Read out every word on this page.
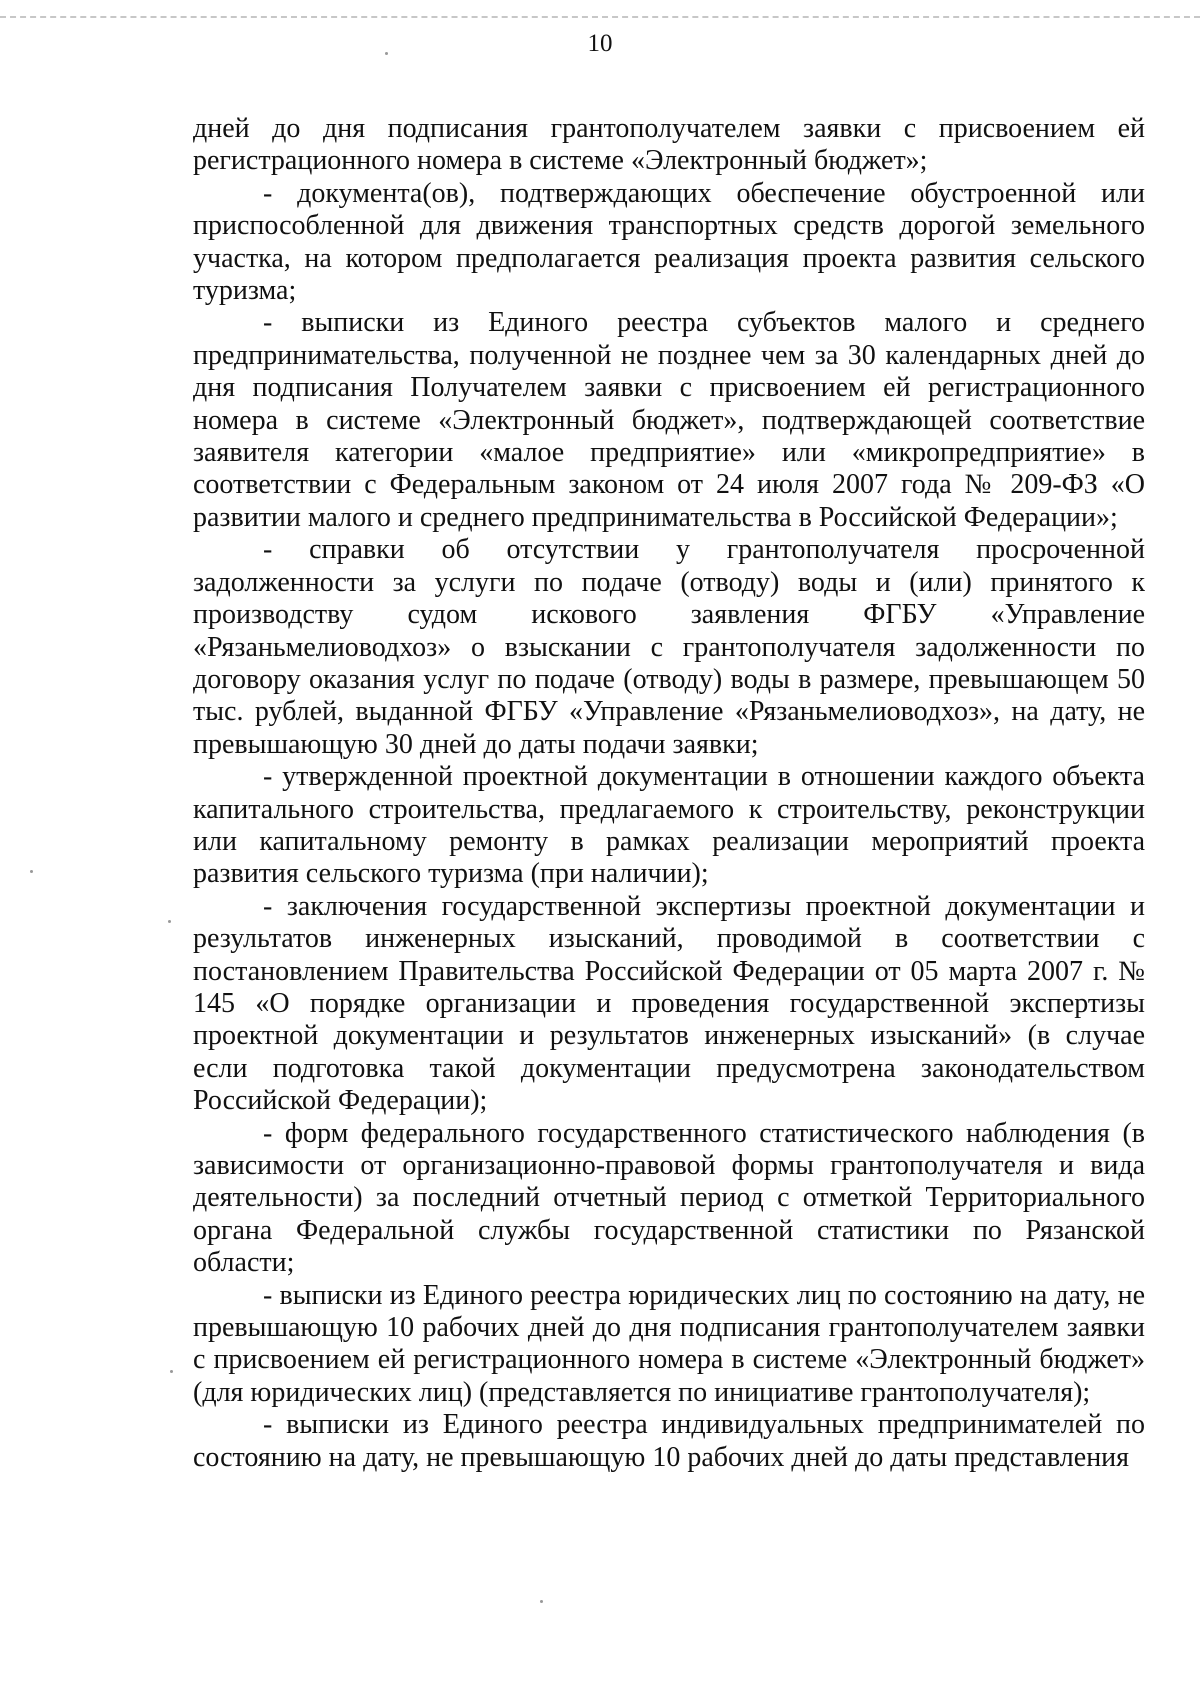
10

дней до дня подписания грантополучателем заявки с присвоением ей регистрационного номера в системе «Электронный бюджет»;

- документа(ов), подтверждающих обеспечение обустроенной или приспособленной для движения транспортных средств дорогой земельного участка, на котором предполагается реализация проекта развития сельского туризма;

- выписки из Единого реестра субъектов малого и среднего предпринимательства, полученной не позднее чем за 30 календарных дней до дня подписания Получателем заявки с присвоением ей регистрационного номера в системе «Электронный бюджет», подтверждающей соответствие заявителя категории «малое предприятие» или «микропредприятие» в соответствии с Федеральным законом от 24 июля 2007 года № 209-ФЗ «О развитии малого и среднего предпринимательства в Российской Федерации»;

- справки об отсутствии у грантополучателя просроченной задолженности за услуги по подаче (отводу) воды и (или) принятого к производству судом искового заявления ФГБУ «Управление «Рязаньмелиоводхоз» о взыскании с грантополучателя задолженности по договору оказания услуг по подаче (отводу) воды в размере, превышающем 50 тыс. рублей, выданной ФГБУ «Управление «Рязаньмелиоводхоз», на дату, не превышающую 30 дней до даты подачи заявки;

- утвержденной проектной документации в отношении каждого объекта капитального строительства, предлагаемого к строительству, реконструкции или капитальному ремонту в рамках реализации мероприятий проекта развития сельского туризма (при наличии);

- заключения государственной экспертизы проектной документации и результатов инженерных изысканий, проводимой в соответствии с постановлением Правительства Российской Федерации от 05 марта 2007 г. № 145 «О порядке организации и проведения государственной экспертизы проектной документации и результатов инженерных изысканий» (в случае если подготовка такой документации предусмотрена законодательством Российской Федерации);

- форм федерального государственного статистического наблюдения (в зависимости от организационно-правовой формы грантополучателя и вида деятельности) за последний отчетный период с отметкой Территориального органа Федеральной службы государственной статистики по Рязанской области;

- выписки из Единого реестра юридических лиц по состоянию на дату, не превышающую 10 рабочих дней до дня подписания грантополучателем заявки с присвоением ей регистрационного номера в системе «Электронный бюджет» (для юридических лиц) (представляется по инициативе грантополучателя);

- выписки из Единого реестра индивидуальных предпринимателей по состоянию на дату, не превышающую 10 рабочих дней до даты представления
